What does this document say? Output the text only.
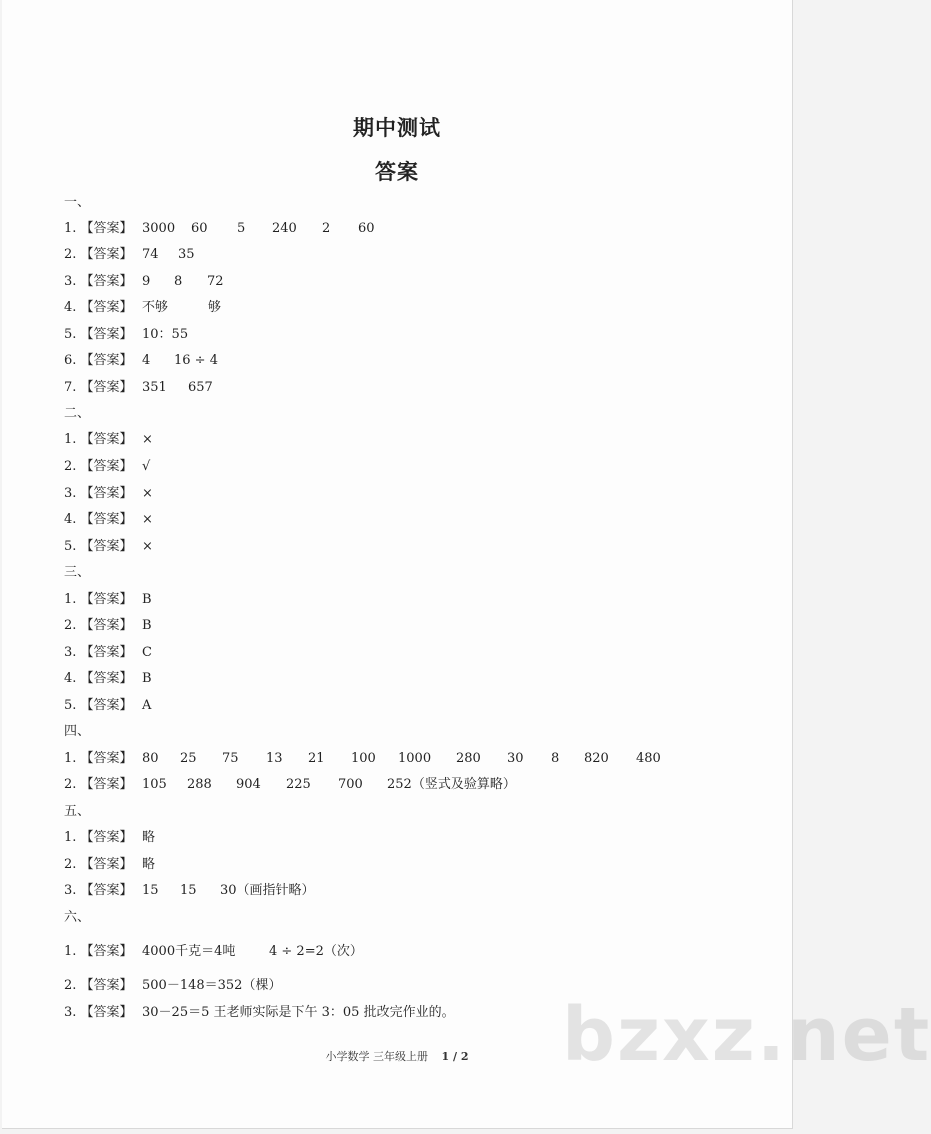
期中测试
答案
一、
1. 【答案】 3000 60 5 240 2 60
2. 【答案】 74 35
3. 【答案】 9 8 72
4. 【答案】 不够	够
5. 【答案】 10：55
6. 【答案】 4 16 ÷ 4
7. 【答案】 351 657
二、
1. 【答案】 ×
2. 【答案】 √
3. 【答案】 ×
4. 【答案】 ×
5. 【答案】 ×
三、
1. 【答案】 B
2. 【答案】 B
3. 【答案】 C
4. 【答案】 B
5. 【答案】 A
四、
1. 【答案】 80 25 75 13 21 100 1000 280 30 8 820 480
2. 【答案】 105 288 904 225 700 252（竖式及验算略）
五、
1. 【答案】 略
2. 【答案】 略
3. 【答案】 15 15 30（画指针略）
六、
1. 【答案】 4000千克＝4吨	4 ÷ 2=2（次）
2. 【答案】 500－148＝352（棵）
3. 【答案】 30－25＝5 王老师实际是下午 3：05 批改完作业的。 bzxz.net
小学数学 三年级上册 1 / 2
